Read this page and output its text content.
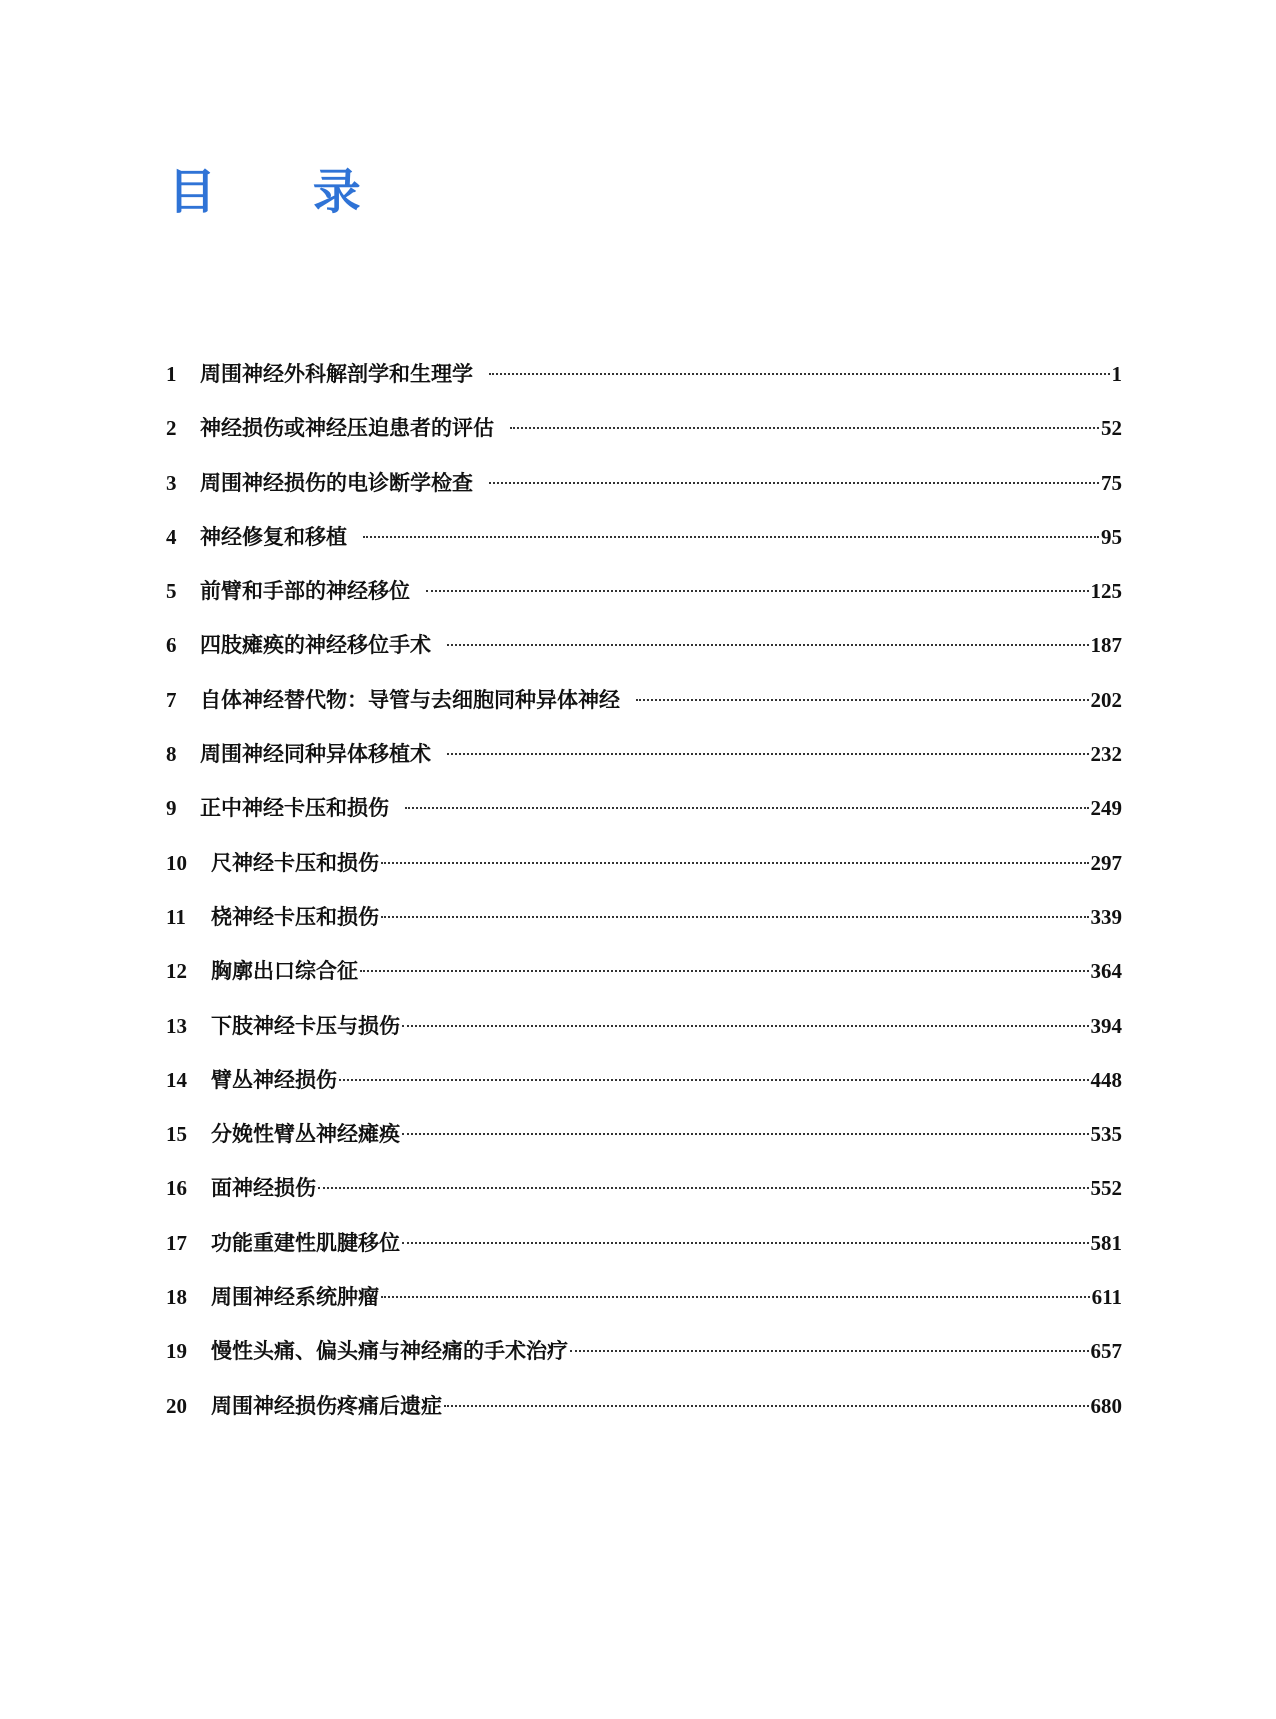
目 录
1	周围神经外科解剖学和生理学	1
2	神经损伤或神经压迫患者的评估	52
3	周围神经损伤的电诊断学检查	75
4	神经修复和移植	95
5	前臂和手部的神经移位	125
6	四肢瘫痪的神经移位手术	187
7	自体神经替代物：导管与去细胞同种异体神经	202
8	周围神经同种异体移植术	232
9	正中神经卡压和损伤	249
10	尺神经卡压和损伤	297
11	桡神经卡压和损伤	339
12	胸廓出口综合征	364
13	下肢神经卡压与损伤	394
14	臂丛神经损伤	448
15	分娩性臂丛神经瘫痪	535
16	面神经损伤	552
17	功能重建性肌腱移位	581
18	周围神经系统肿瘤	611
19	慢性头痛、偏头痛与神经痛的手术治疗	657
20	周围神经损伤疼痛后遗症	680
